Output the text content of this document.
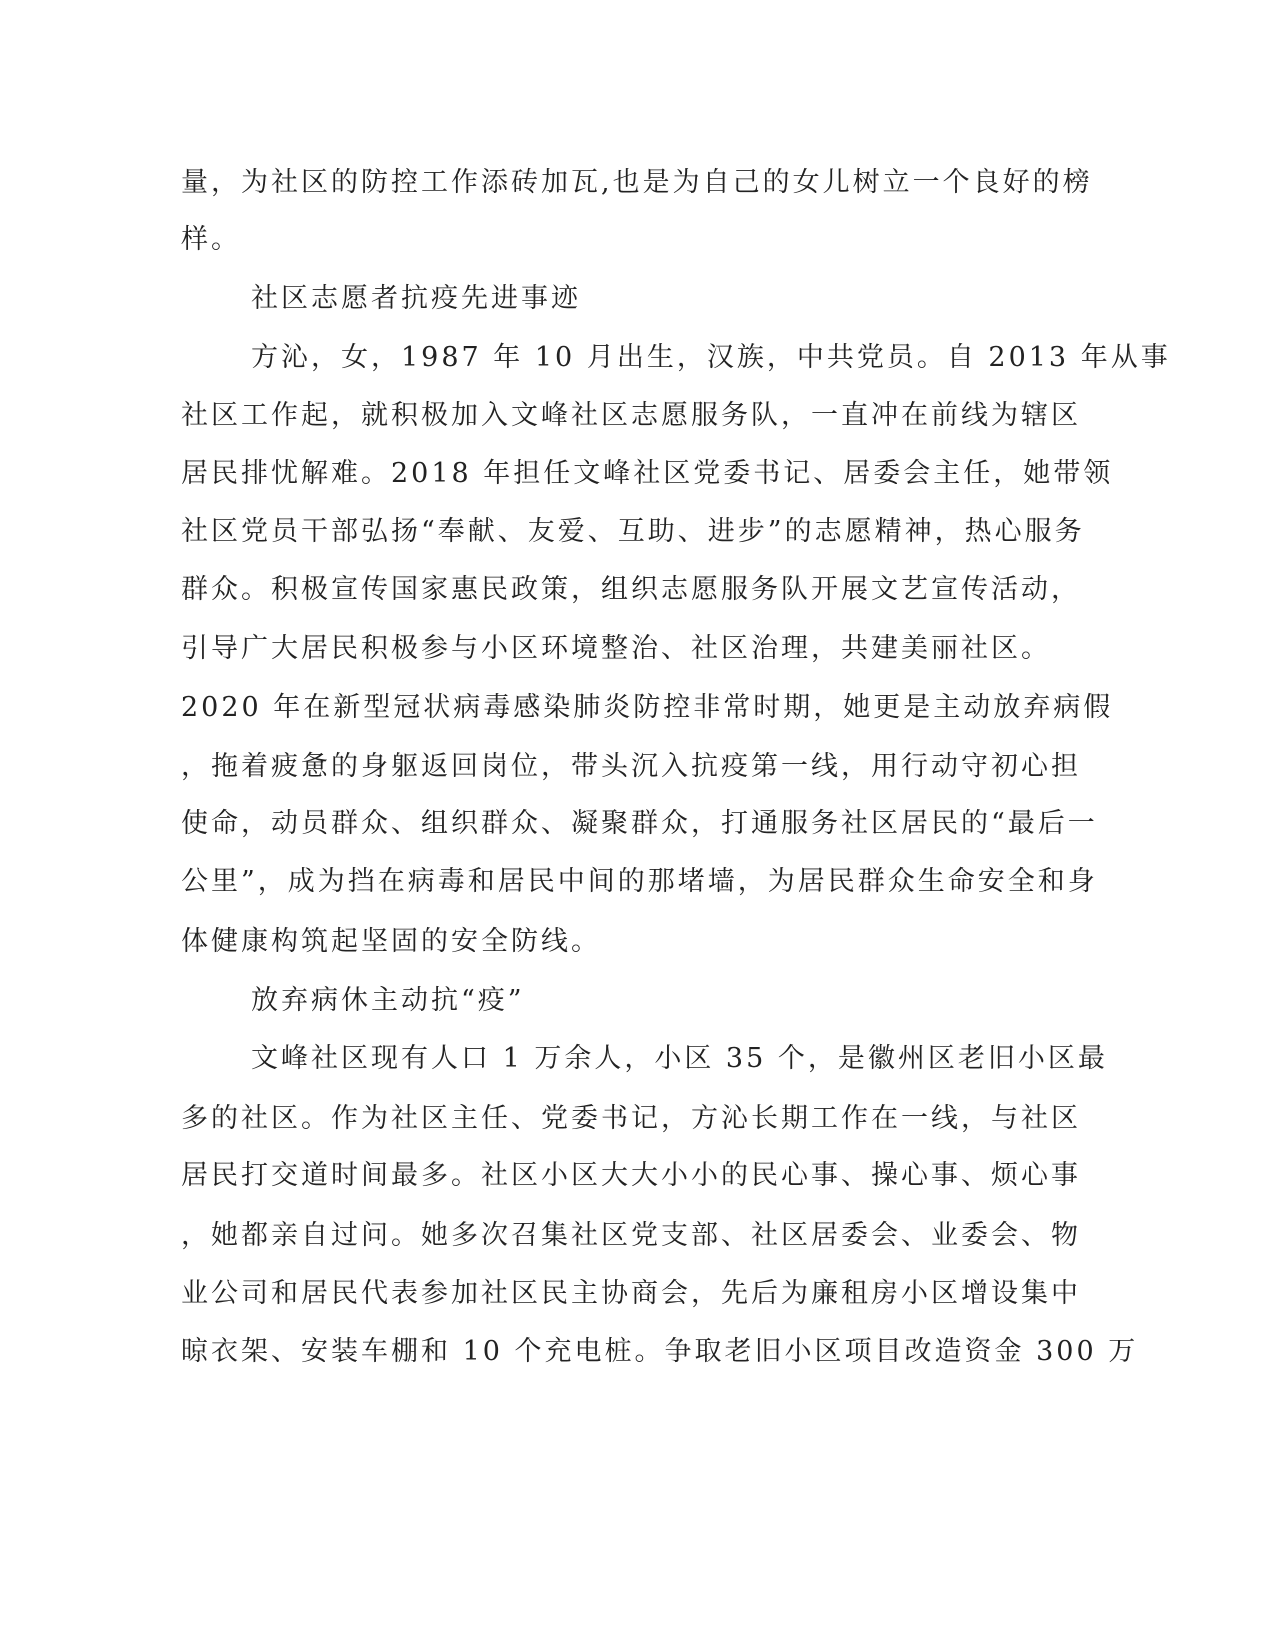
量，为社区的防控工作添砖加瓦,也是为自己的女儿树立一个良好的榜

样。

社区志愿者抗疫先进事迹

方沁，女，1987 年 10 月出生，汉族，中共党员。自 2013 年从事

社区工作起，就积极加入文峰社区志愿服务队，一直冲在前线为辖区

居民排忧解难。2018 年担任文峰社区党委书记、居委会主任，她带领

社区党员干部弘扬“奉献、友爱、互助、进步”的志愿精神，热心服务

群众。积极宣传国家惠民政策，组织志愿服务队开展文艺宣传活动，

引导广大居民积极参与小区环境整治、社区治理，共建美丽社区。

2020 年在新型冠状病毒感染肺炎防控非常时期，她更是主动放弃病假

，拖着疲惫的身躯返回岗位，带头沉入抗疫第一线，用行动守初心担

使命，动员群众、组织群众、凝聚群众，打通服务社区居民的“最后一

公里”，成为挡在病毒和居民中间的那堵墙，为居民群众生命安全和身

体健康构筑起坚固的安全防线。

放弃病休主动抗“疫”

文峰社区现有人口 1 万余人，小区 35 个，是徽州区老旧小区最

多的社区。作为社区主任、党委书记，方沁长期工作在一线，与社区

居民打交道时间最多。社区小区大大小小的民心事、操心事、烦心事

，她都亲自过问。她多次召集社区党支部、社区居委会、业委会、物

业公司和居民代表参加社区民主协商会，先后为廉租房小区增设集中

晾衣架、安装车棚和 10 个充电桩。争取老旧小区项目改造资金 300 万
